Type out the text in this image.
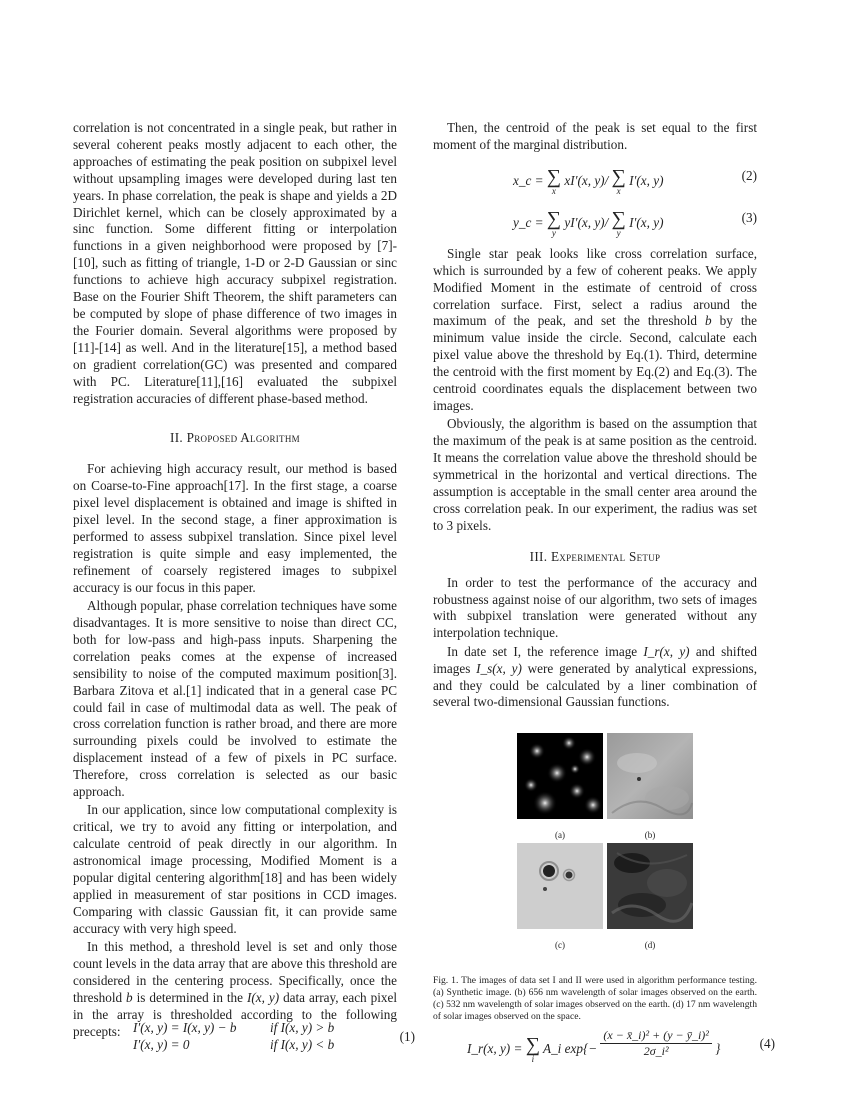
correlation is not concentrated in a single peak, but rather in several coherent peaks mostly adjacent to each other, the approaches of estimating the peak position on subpixel level without upsampling images were developed during last ten years. In phase correlation, the peak is shape and yields a 2D Dirichlet kernel, which can be closely approximated by a sinc function. Some different fitting or interpolation functions in a given neighborhood were proposed by [7]-[10], such as fitting of triangle, 1-D or 2-D Gaussian or sinc functions to achieve high accuracy subpixel registration. Base on the Fourier Shift Theorem, the shift parameters can be computed by slope of phase difference of two images in the Fourier domain. Several algorithms were proposed by [11]-[14] as well. And in the literature[15], a method based on gradient correlation(GC) was presented and compared with PC. Literature[11],[16] evaluated the subpixel registration accuracies of different phase-based method.

II. Proposed Algorithm

For achieving high accuracy result, our method is based on Coarse-to-Fine approach[17]. In the first stage, a coarse pixel level displacement is obtained and image is shifted in pixel level. In the second stage, a finer approximation is performed to assess subpixel translation. Since pixel level registration is quite simple and easy implemented, the refinement of coarsely registered images to subpixel accuracy is our focus in this paper.

Although popular, phase correlation techniques have some disadvantages. It is more sensitive to noise than direct CC, both for low-pass and high-pass inputs. Sharpening the correlation peaks comes at the expense of increased sensibility to noise of the computed maximum position[3]. Barbara Zitova et al.[1] indicated that in a general case PC could fail in case of multimodal data as well. The peak of cross correlation function is rather broad, and there are more surrounding pixels could be involved to estimate the displacement instead of a few of pixels in PC surface. Therefore, cross correlation is selected as our basic approach.

In our application, since low computational complexity is critical, we try to avoid any fitting or interpolation, and calculate centroid of peak directly in our algorithm. In astronomical image processing, Modified Moment is a popular digital centering algorithm[18] and has been widely applied in measurement of star positions in CCD images. Comparing with classic Gaussian fit, it can provide same accuracy with very high speed.

In this method, a threshold level is set and only those count levels in the data array that are above this threshold are considered in the centering process. Specifically, once the threshold b is determined in the I(x, y) data array, each pixel in the array is thresholded according to the following precepts: I′(x, y) = I(x, y) − b	if I(x, y) > b
I′(x, y) = 0	if I(x, y) < b
(1)

Then, the centroid of the peak is set equal to the first moment of the marginal distribution.

x_c = ∑
x
xI′(x, y)/ ∑
x
I′(x, y)	(2)
y_c = ∑
y
yI′(x, y)/ ∑
y
I′(x, y)	(3)

Single star peak looks like cross correlation surface, which is surrounded by a few of coherent peaks. We apply Modified Moment in the estimate of centroid of cross correlation surface. First, select a radius around the maximum of the peak, and set the threshold b by the minimum value inside the circle. Second, calculate each pixel value above the threshold by Eq.(1). Third, determine the centroid with the first moment by Eq.(2) and Eq.(3). The centroid coordinates equals the displacement between two images.

Obviously, the algorithm is based on the assumption that the maximum of the peak is at same position as the centroid. It means the correlation value above the threshold should be symmetrical in the horizontal and vertical directions. The assumption is acceptable in the small center area around the cross correlation peak. In our experiment, the radius was set to 3 pixels.

III. Experimental Setup

In order to test the performance of the accuracy and robustness against noise of our algorithm, two sets of images with subpixel translation were generated without any interpolation technique.

In date set I, the reference image I_r(x, y) and shifted images I_s(x, y) were generated by analytical expressions, and they could be calculated by a liner combination of several two-dimensional Gaussian functions.

(a)	(b)
(c)	(d)
Fig. 1. The images of data set I and II were used in algorithm performance testing. (a) Synthetic image. (b) 656 nm wavelength of solar images observed on the earth. (c) 532 nm wavelength of solar images observed on the earth. (d) 17 nm wavelength of solar images observed on the space.
I_r(x, y) = ∑
i
A_i $\exp\{- \frac{\text{(x − x̄\_i)² + (y − ȳ\_i)²}}{\text{2σ\_i²}}$ }	(4)
